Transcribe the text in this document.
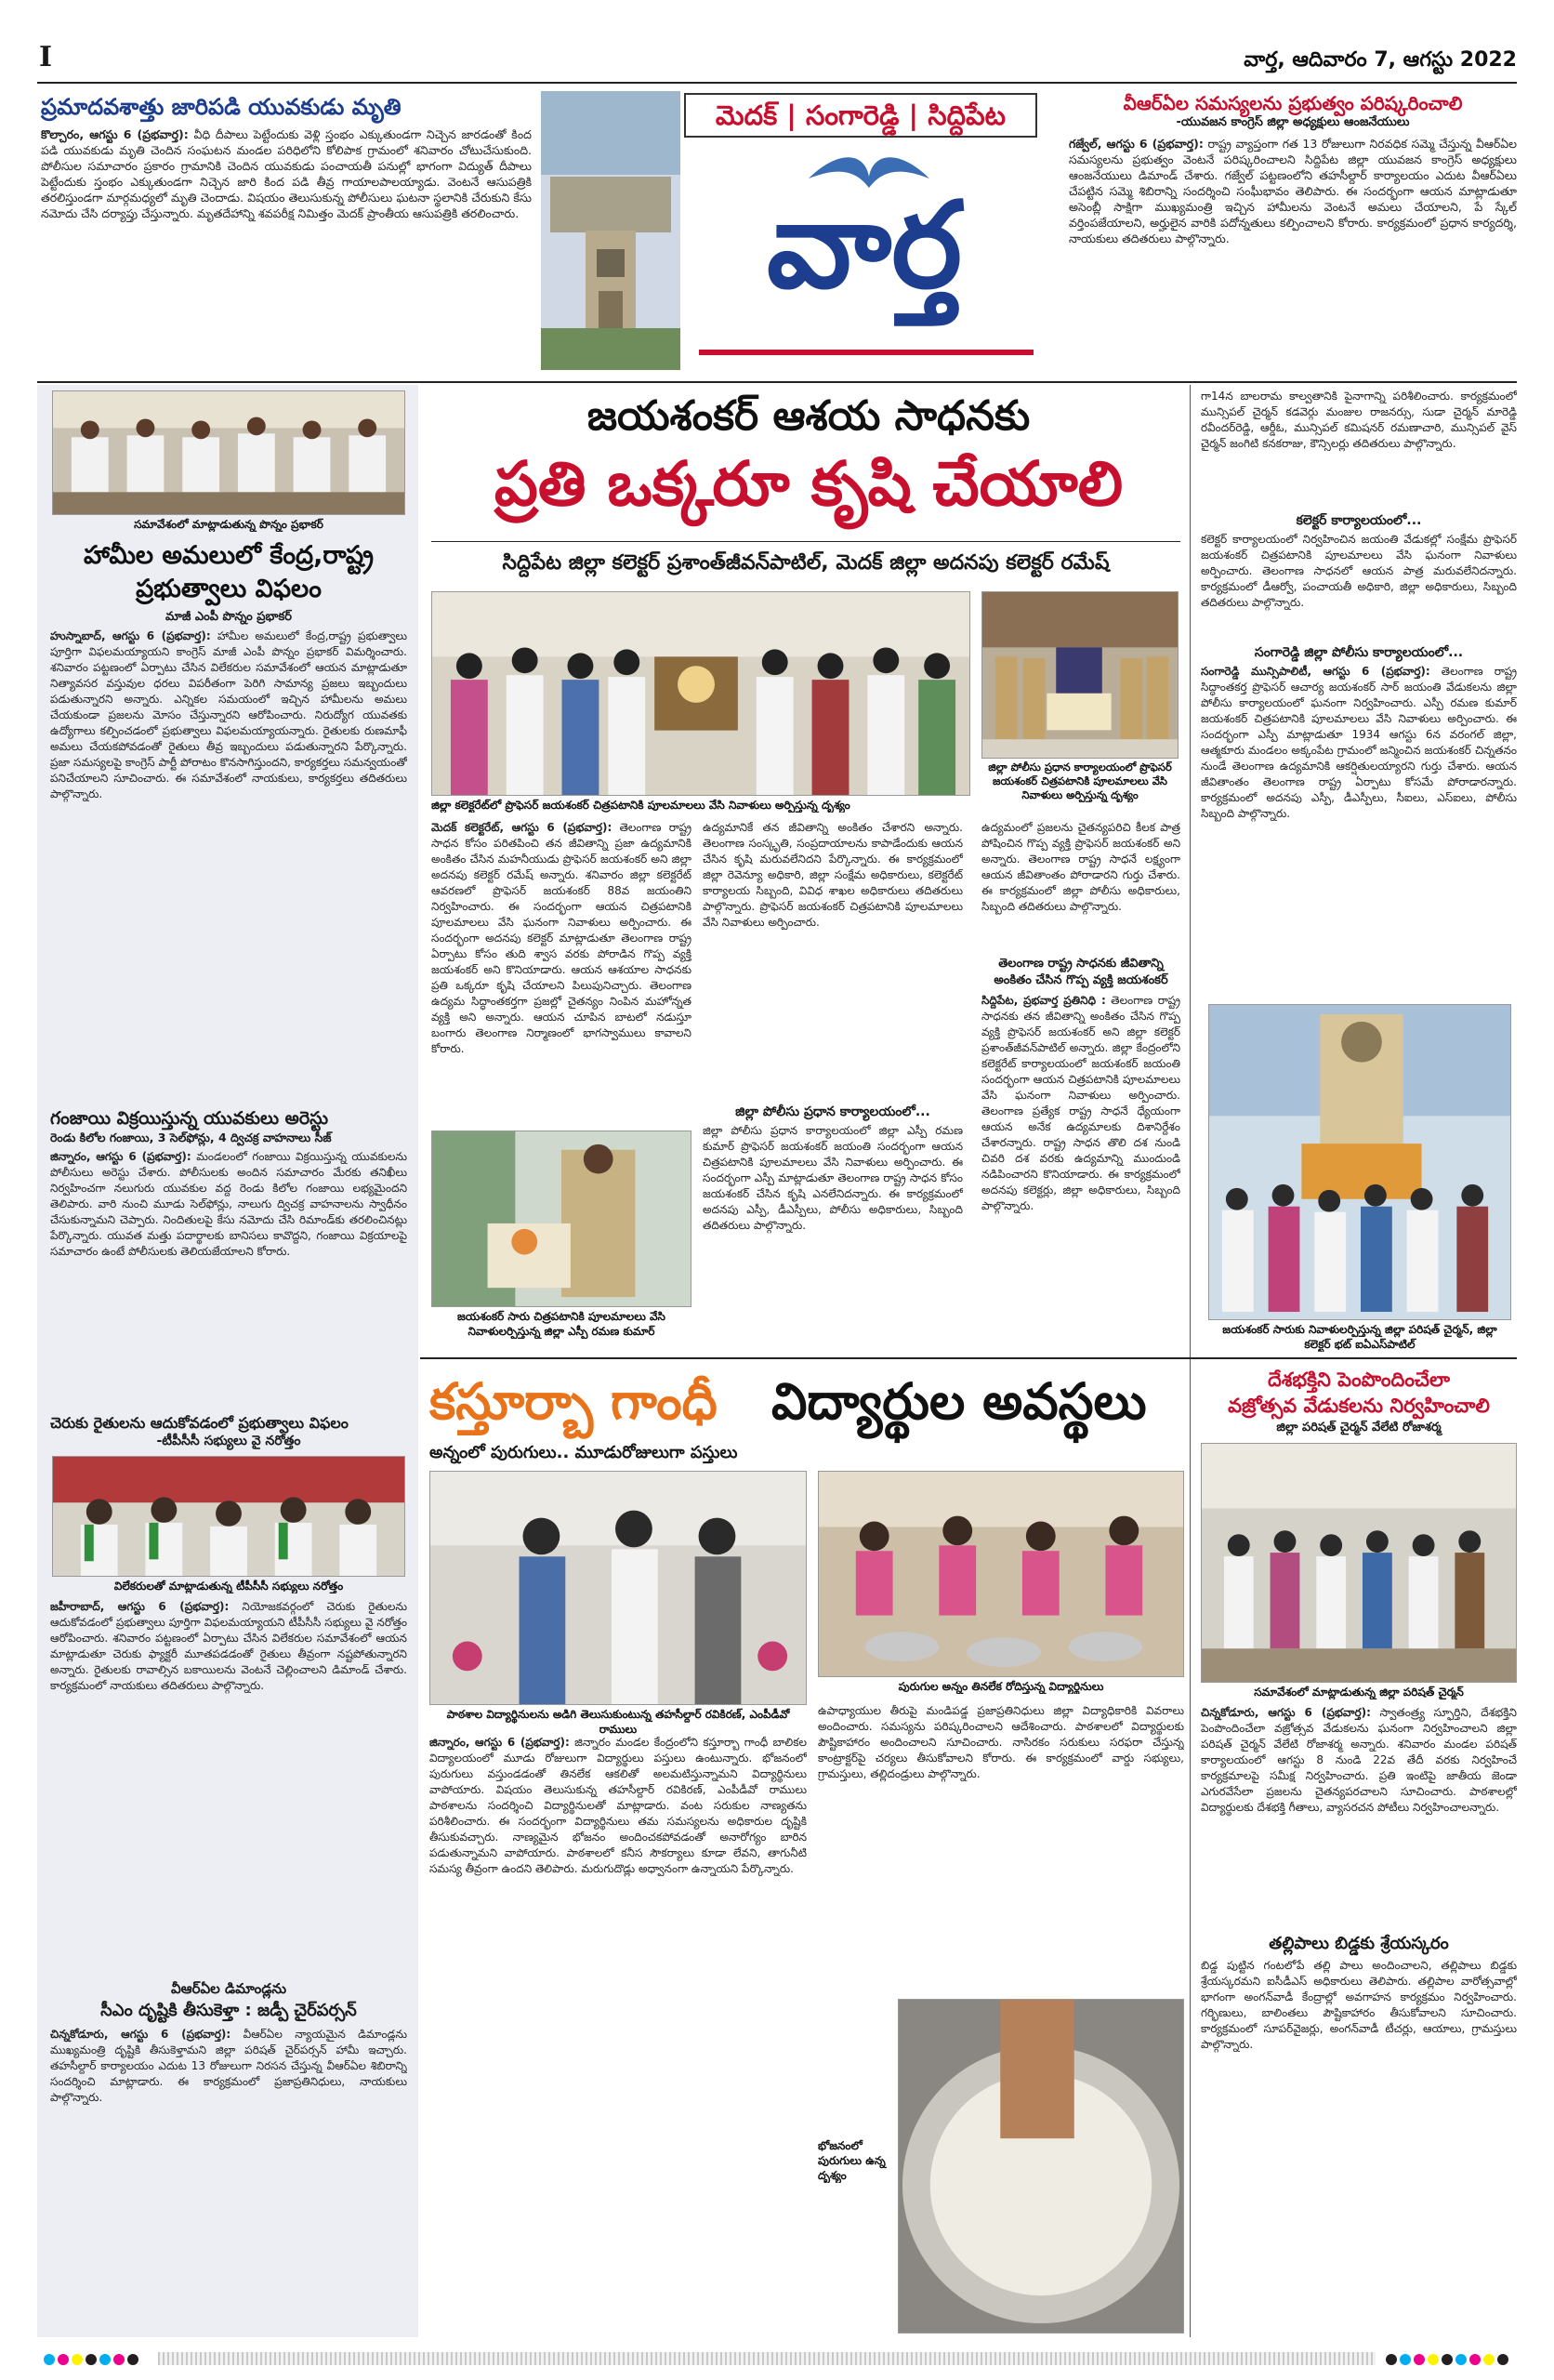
I	వార్త, ఆదివారం 7, ఆగస్టు 2022
ప్రమాదవశాత్తు జారిపడి యువకుడు మృతి
కొల్చారం, ఆగస్టు 6 (ప్రభవార్త): వీధి దీపాలు పెట్టేందుకు వెళ్లి స్తంభం ఎక్కుతుండగా నిచ్చెన జారడంతో కింద పడి యువకుడు మృతి చెందిన సంఘటన మండల పరిధిలోని కోలిపాక గ్రామంలో శనివారం చోటుచేసుకుంది. పోలీసుల సమాచారం ప్రకారం గ్రామానికి చెందిన యువకుడు పంచాయతీ పనుల్లో భాగంగా విద్యుత్ దీపాలు పెట్టేందుకు స్తంభం ఎక్కుతుండగా నిచ్చెన జారి కింద పడి తీవ్ర గాయాలపాలయ్యాడు. వెంటనే ఆసుపత్రికి తరలిస్తుండగా మార్గమధ్యలో మృతి చెందాడు. విషయం తెలుసుకున్న పోలీసులు ఘటనా స్థలానికి చేరుకుని కేసు నమోదు చేసి దర్యాప్తు చేస్తున్నారు. మృతదేహాన్ని శవపరీక్ష నిమిత్తం మెదక్ ప్రాంతీయ ఆసుపత్రికి తరలించారు.
మెదక్ | సంగారెడ్డి | సిద్దిపేట
వార్త
వీఆర్ఏల సమస్యలను ప్రభుత్వం పరిష్కరించాలి
-యువజన కాంగ్రెస్ జిల్లా అధ్యక్షులు ఆంజనేయులు
గజ్వేల్, ఆగస్టు 6 (ప్రభవార్త): రాష్ట్ర వ్యాప్తంగా గత 13 రోజులుగా నిరవధిక సమ్మె చేస్తున్న వీఆర్ఏల సమస్యలను ప్రభుత్వం వెంటనే పరిష్కరించాలని సిద్దిపేట జిల్లా యువజన కాంగ్రెస్ అధ్యక్షులు ఆంజనేయులు డిమాండ్ చేశారు. గజ్వేల్ పట్టణంలోని తహసీల్దార్ కార్యాలయం ఎదుట వీఆర్ఏలు చేపట్టిన సమ్మె శిబిరాన్ని సందర్శించి సంఘీభావం తెలిపారు. ఈ సందర్భంగా ఆయన మాట్లాడుతూ అసెంబ్లీ సాక్షిగా ముఖ్యమంత్రి ఇచ్చిన హామీలను వెంటనే అమలు చేయాలని, పే స్కేల్ వర్తింపజేయాలని, అర్హులైన వారికి పదోన్నతులు కల్పించాలని కోరారు. కార్యక్రమంలో ప్రధాన కార్యదర్శి, నాయకులు తదితరులు పాల్గొన్నారు.
సమావేశంలో మాట్లాడుతున్న పొన్నం ప్రభాకర్
హామీల అమలులో కేంద్ర,రాష్ట్ర ప్రభుత్వాలు విఫలం
మాజీ ఎంపీ పొన్నం ప్రభాకర్
హుస్నాబాద్, ఆగస్టు 6 (ప్రభవార్త): హామీల అమలులో కేంద్ర,రాష్ట్ర ప్రభుత్వాలు పూర్తిగా విఫలమయ్యాయని కాంగ్రెస్ మాజీ ఎంపీ పొన్నం ప్రభాకర్ విమర్శించారు. శనివారం పట్టణంలో ఏర్పాటు చేసిన విలేకరుల సమావేశంలో ఆయన మాట్లాడుతూ నిత్యావసర వస్తువుల ధరలు విపరీతంగా పెరిగి సామాన్య ప్రజలు ఇబ్బందులు పడుతున్నారని అన్నారు. ఎన్నికల సమయంలో ఇచ్చిన హామీలను అమలు చేయకుండా ప్రజలను మోసం చేస్తున్నారని ఆరోపించారు. నిరుద్యోగ యువతకు ఉద్యోగాలు కల్పించడంలో ప్రభుత్వాలు విఫలమయ్యాయన్నారు. రైతులకు రుణమాఫీ అమలు చేయకపోవడంతో రైతులు తీవ్ర ఇబ్బందులు పడుతున్నారని పేర్కొన్నారు. ప్రజా సమస్యలపై కాంగ్రెస్ పార్టీ పోరాటం కొనసాగిస్తుందని, కార్యకర్తలు సమన్వయంతో పనిచేయాలని సూచించారు. ఈ సమావేశంలో నాయకులు, కార్యకర్తలు తదితరులు పాల్గొన్నారు.
గంజాయి విక్రయిస్తున్న యువకులు అరెస్టు
రెండు కిలోల గంజాయి, 3 సెల్‌ఫోన్లు, 4 ద్విచక్ర వాహనాలు సీజ్
జిన్నారం, ఆగస్టు 6 (ప్రభవార్త): మండలంలో గంజాయి విక్రయిస్తున్న యువకులను పోలీసులు అరెస్టు చేశారు. పోలీసులకు అందిన సమాచారం మేరకు తనిఖీలు నిర్వహించగా నలుగురు యువకుల వద్ద రెండు కిలోల గంజాయి లభ్యమైందని తెలిపారు. వారి నుంచి మూడు సెల్‌ఫోన్లు, నాలుగు ద్విచక్ర వాహనాలను స్వాధీనం చేసుకున్నామని చెప్పారు. నిందితులపై కేసు నమోదు చేసి రిమాండ్‌కు తరలించినట్లు పేర్కొన్నారు. యువత మత్తు పదార్థాలకు బానిసలు కావొద్దని, గంజాయి విక్రయాలపై సమాచారం ఉంటే పోలీసులకు తెలియజేయాలని కోరారు.
చెరుకు రైతులను ఆదుకోవడంలో ప్రభుత్వాలు విఫలం
-టీపీసీసీ సభ్యులు వై నరోత్తం
విలేకరులతో మాట్లాడుతున్న టీపీసీసీ సభ్యులు నరోత్తం
జహీరాబాద్, ఆగస్టు 6 (ప్రభవార్త): నియోజకవర్గంలో చెరుకు రైతులను ఆదుకోవడంలో ప్రభుత్వాలు పూర్తిగా విఫలమయ్యాయని టీపీసీసీ సభ్యులు వై నరోత్తం ఆరోపించారు. శనివారం పట్టణంలో ఏర్పాటు చేసిన విలేకరుల సమావేశంలో ఆయన మాట్లాడుతూ చెరుకు ఫ్యాక్టరీ మూతపడడంతో రైతులు తీవ్రంగా నష్టపోతున్నారని అన్నారు. రైతులకు రావాల్సిన బకాయిలను వెంటనే చెల్లించాలని డిమాండ్ చేశారు. కార్యక్రమంలో నాయకులు తదితరులు పాల్గొన్నారు.
వీఆర్ఏల డిమాండ్లను
సీఎం దృష్టికి తీసుకెళ్తా : జడ్పీ చైర్‌పర్సన్
చిన్నకోడూరు, ఆగస్టు 6 (ప్రభవార్త): వీఆర్ఏల న్యాయమైన డిమాండ్లను ముఖ్యమంత్రి దృష్టికి తీసుకెళ్తామని జిల్లా పరిషత్ చైర్‌పర్సన్ హామీ ఇచ్చారు. తహసీల్దార్ కార్యాలయం ఎదుట 13 రోజులుగా నిరసన చేస్తున్న వీఆర్ఏల శిబిరాన్ని సందర్శించి మాట్లాడారు. ఈ కార్యక్రమంలో ప్రజాప్రతినిధులు, నాయకులు పాల్గొన్నారు.
జయశంకర్ ఆశయ సాధనకు
ప్రతి ఒక్కరూ కృషి చేయాలి
సిద్దిపేట జిల్లా కలెక్టర్ ప్రశాంత్‌జీవన్‌పాటిల్, మెదక్ జిల్లా అదనపు కలెక్టర్ రమేష్
జిల్లా కలెక్టరేట్‌లో ప్రొఫెసర్ జయశంకర్ చిత్రపటానికి పూలమాలలు వేసి నివాళులు అర్పిస్తున్న దృశ్యం
జిల్లా పోలీసు ప్రధాన కార్యాలయంలో ప్రొఫెసర్ జయశంకర్ చిత్రపటానికి పూలమాలలు వేసి నివాళులు అర్పిస్తున్న దృశ్యం
మెదక్ కలెక్టరేట్, ఆగస్టు 6 (ప్రభవార్త): తెలంగాణ రాష్ట్ర సాధన కోసం పరితపించి తన జీవితాన్ని ప్రజా ఉద్యమానికి అంకితం చేసిన మహనీయుడు ప్రొఫెసర్ జయశంకర్ అని జిల్లా అదనపు కలెక్టర్ రమేష్ అన్నారు. శనివారం జిల్లా కలెక్టరేట్ ఆవరణలో ప్రొఫెసర్ జయశంకర్ 88వ జయంతిని నిర్వహించారు. ఈ సందర్భంగా ఆయన చిత్రపటానికి పూలమాలలు వేసి ఘనంగా నివాళులు అర్పించారు. ఈ సందర్భంగా అదనపు కలెక్టర్ మాట్లాడుతూ తెలంగాణ రాష్ట్ర ఏర్పాటు కోసం తుది శ్వాస వరకు పోరాడిన గొప్ప వ్యక్తి జయశంకర్ అని కొనియాడారు. ఆయన ఆశయాల సాధనకు ప్రతి ఒక్కరూ కృషి చేయాలని పిలుపునిచ్చారు. తెలంగాణ ఉద్యమ సిద్ధాంతకర్తగా ప్రజల్లో చైతన్యం నింపిన మహోన్నత వ్యక్తి అని అన్నారు. ఆయన చూపిన బాటలో నడుస్తూ బంగారు తెలంగాణ నిర్మాణంలో భాగస్వాములు కావాలని కోరారు.
ఉద్యమానికే తన జీవితాన్ని అంకితం చేశారని అన్నారు. తెలంగాణ సంస్కృతి, సంప్రదాయాలను కాపాడేందుకు ఆయన చేసిన కృషి మరువలేనిదని పేర్కొన్నారు. ఈ కార్యక్రమంలో జిల్లా రెవెన్యూ అధికారి, జిల్లా సంక్షేమ అధికారులు, కలెక్టరేట్ కార్యాలయ సిబ్బంది, వివిధ శాఖల అధికారులు తదితరులు పాల్గొన్నారు. ప్రొఫెసర్ జయశంకర్ చిత్రపటానికి పూలమాలలు వేసి నివాళులు అర్పించారు.
జిల్లా పోలీసు ప్రధాన కార్యాలయంలో...
జిల్లా పోలీసు ప్రధాన కార్యాలయంలో జిల్లా ఎస్పీ రమణ కుమార్ ప్రొఫెసర్ జయశంకర్ జయంతి సందర్భంగా ఆయన చిత్రపటానికి పూలమాలలు వేసి నివాళులు అర్పించారు. ఈ సందర్భంగా ఎస్పీ మాట్లాడుతూ తెలంగాణ రాష్ట్ర సాధన కోసం జయశంకర్ చేసిన కృషి ఎనలేనిదన్నారు. ఈ కార్యక్రమంలో అదనపు ఎస్పీ, డీఎస్పీలు, పోలీసు అధికారులు, సిబ్బంది తదితరులు పాల్గొన్నారు.
జయశంకర్ సారు చిత్రపటానికి పూలమాలలు వేసి నివాళులర్పిస్తున్న జిల్లా ఎస్పీ రమణ కుమార్
ఉద్యమంలో ప్రజలను చైతన్యపరిచి కీలక పాత్ర పోషించిన గొప్ప వ్యక్తి ప్రొఫెసర్ జయశంకర్ అని అన్నారు. తెలంగాణ రాష్ట్ర సాధనే లక్ష్యంగా ఆయన జీవితాంతం పోరాడారని గుర్తు చేశారు. ఈ కార్యక్రమంలో జిల్లా పోలీసు అధికారులు, సిబ్బంది తదితరులు పాల్గొన్నారు.
తెలంగాణ రాష్ట్ర సాధనకు జీవితాన్ని అంకితం చేసిన గొప్ప వ్యక్తి జయశంకర్
సిద్దిపేట, ప్రభవార్త ప్రతినిధి : తెలంగాణ రాష్ట్ర సాధనకు తన జీవితాన్ని అంకితం చేసిన గొప్ప వ్యక్తి ప్రొఫెసర్ జయశంకర్ అని జిల్లా కలెక్టర్ ప్రశాంత్‌జీవన్‌పాటిల్ అన్నారు. జిల్లా కేంద్రంలోని కలెక్టరేట్ కార్యాలయంలో జయశంకర్ జయంతి సందర్భంగా ఆయన చిత్రపటానికి పూలమాలలు వేసి ఘనంగా నివాళులు అర్పించారు. తెలంగాణ ప్రత్యేక రాష్ట్ర సాధనే ధ్యేయంగా ఆయన అనేక ఉద్యమాలకు దిశానిర్దేశం చేశారన్నారు. రాష్ట్ర సాధన తొలి దశ నుండి చివరి దశ వరకు ఉద్యమాన్ని ముందుండి నడిపించారని కొనియాడారు. ఈ కార్యక్రమంలో అదనపు కలెక్టర్లు, జిల్లా అధికారులు, సిబ్బంది పాల్గొన్నారు.
గా14న బాలరామ కాల్వతానికి పైనాగాన్ని పరిశీలించారు. కార్యక్రమంలో మున్సిపల్ చైర్మన్ కడవెర్గు మంజుల రాజనర్సు, సుడా చైర్మన్ మారెడ్డి రవీందర్‌రెడ్డి, ఆర్డీఓ, మున్సిపల్ కమిషనర్ రమణాచారి, మున్సిపల్ వైస్ చైర్మన్ జంగిటి కనకరాజు, కౌన్సిలర్లు తదితరులు పాల్గొన్నారు.
కలెక్టర్ కార్యాలయంలో...
కలెక్టర్ కార్యాలయంలో నిర్వహించిన జయంతి వేడుకల్లో సంక్షేమ ప్రొఫెసర్ జయశంకర్ చిత్రపటానికి పూలమాలలు వేసి ఘనంగా నివాళులు అర్పించారు. తెలంగాణ సాధనలో ఆయన పాత్ర మరువలేనిదన్నారు. కార్యక్రమంలో డీఆర్వో, పంచాయతీ అధికారి, జిల్లా అధికారులు, సిబ్బంది తదితరులు పాల్గొన్నారు.
సంగారెడ్డి జిల్లా పోలీసు కార్యాలయంలో...
సంగారెడ్డి మున్సిపాలిటీ, ఆగస్టు 6 (ప్రభవార్త): తెలంగాణ రాష్ట్ర సిద్ధాంతకర్త ప్రొఫెసర్ ఆచార్య జయశంకర్ సార్ జయంతి వేడుకలను జిల్లా పోలీసు కార్యాలయంలో ఘనంగా నిర్వహించారు. ఎస్పీ రమణ కుమార్ జయశంకర్ చిత్రపటానికి పూలమాలలు వేసి నివాళులు అర్పించారు. ఈ సందర్భంగా ఎస్పీ మాట్లాడుతూ 1934 ఆగస్టు 6న వరంగల్ జిల్లా, ఆత్మకూరు మండలం అక్కంపేట గ్రామంలో జన్మించిన జయశంకర్ చిన్నతనం నుండే తెలంగాణ ఉద్యమానికి ఆకర్షితులయ్యారని గుర్తు చేశారు. ఆయన జీవితాంతం తెలంగాణ రాష్ట్ర ఏర్పాటు కోసమే పోరాడారన్నారు. కార్యక్రమంలో అదనపు ఎస్పీ, డీఎస్పీలు, సీఐలు, ఎస్ఐలు, పోలీసు సిబ్బంది పాల్గొన్నారు.
జయశంకర్ సారుకు నివాళులర్పిస్తున్న జిల్లా పరిషత్ చైర్మన్, జిల్లా కలెక్టర్ భట్ ఐఏఎస్‌పాటిల్
కస్తూర్బా గాంధీ	విద్యార్థుల అవస్థలు
అన్నంలో పురుగులు.. మూడురోజులుగా పస్తులు
పాఠశాల విద్యార్థినులను అడిగి తెలుసుకుంటున్న తహసీల్దార్ రవికిరణ్, ఎంపీడీవో రాములు
పురుగుల అన్నం తినలేక రోదిస్తున్న విద్యార్థినులు
జిన్నారం, ఆగస్టు 6 (ప్రభవార్త): జిన్నారం మండల కేంద్రంలోని కస్తూర్బా గాంధీ బాలికల విద్యాలయంలో మూడు రోజులుగా విద్యార్థులు పస్తులు ఉంటున్నారు. భోజనంలో పురుగులు వస్తుండడంతో తినలేక ఆకలితో అలమటిస్తున్నామని విద్యార్థినులు వాపోయారు. విషయం తెలుసుకున్న తహసీల్దార్ రవికిరణ్, ఎంపీడీవో రాములు పాఠశాలను సందర్శించి విద్యార్థినులతో మాట్లాడారు. వంట సరుకుల నాణ్యతను పరిశీలించారు. ఈ సందర్భంగా విద్యార్థినులు తమ సమస్యలను అధికారుల దృష్టికి తీసుకువచ్చారు. నాణ్యమైన భోజనం అందించకపోవడంతో అనారోగ్యం బారిన పడుతున్నామని వాపోయారు. పాఠశాలలో కనీస సౌకర్యాలు కూడా లేవని, తాగునీటి సమస్య తీవ్రంగా ఉందని తెలిపారు. మరుగుదొడ్లు అధ్వానంగా ఉన్నాయని పేర్కొన్నారు.
ఉపాధ్యాయుల తీరుపై మండిపడ్డ ప్రజాప్రతినిధులు జిల్లా విద్యాధికారికి వివరాలు అందించారు. సమస్యను పరిష్కరించాలని ఆదేశించారు. పాఠశాలలో విద్యార్థులకు పౌష్టికాహారం అందించాలని సూచించారు. నాసిరకం సరుకులు సరఫరా చేస్తున్న కాంట్రాక్టర్‌పై చర్యలు తీసుకోవాలని కోరారు. ఈ కార్యక్రమంలో వార్డు సభ్యులు, గ్రామస్తులు, తల్లిదండ్రులు పాల్గొన్నారు.
భోజనంలో పురుగులు ఉన్న దృశ్యం
దేశభక్తిని పెంపొందించేలా
వజ్రోత్సవ వేడుకలను నిర్వహించాలి
జిల్లా పరిషత్ చైర్మన్ వేలేటి రోజాశర్మ
సమావేశంలో మాట్లాడుతున్న జిల్లా పరిషత్ చైర్మన్
చిన్నకోడూరు, ఆగస్టు 6 (ప్రభవార్త): స్వాతంత్ర్య స్ఫూర్తిని, దేశభక్తిని పెంపొందించేలా వజ్రోత్సవ వేడుకలను ఘనంగా నిర్వహించాలని జిల్లా పరిషత్ చైర్మన్ వేలేటి రోజాశర్మ అన్నారు. శనివారం మండల పరిషత్ కార్యాలయంలో ఆగస్టు 8 నుండి 22వ తేదీ వరకు నిర్వహించే కార్యక్రమాలపై సమీక్ష నిర్వహించారు. ప్రతి ఇంటిపై జాతీయ జెండా ఎగురవేసేలా ప్రజలను చైతన్యపరచాలని సూచించారు. పాఠశాలల్లో విద్యార్థులకు దేశభక్తి గీతాలు, వ్యాసరచన పోటీలు నిర్వహించాలన్నారు.
తల్లిపాలు బిడ్డకు శ్రేయస్కరం
బిడ్డ పుట్టిన గంటలోపే తల్లి పాలు అందించాలని, తల్లిపాలు బిడ్డకు శ్రేయస్కరమని ఐసీడీఎస్ అధికారులు తెలిపారు. తల్లిపాల వారోత్సవాల్లో భాగంగా అంగన్‌వాడీ కేంద్రాల్లో అవగాహన కార్యక్రమం నిర్వహించారు. గర్భిణులు, బాలింతలు పౌష్టికాహారం తీసుకోవాలని సూచించారు. కార్యక్రమంలో సూపర్‌వైజర్లు, అంగన్‌వాడీ టీచర్లు, ఆయాలు, గ్రామస్తులు పాల్గొన్నారు.
